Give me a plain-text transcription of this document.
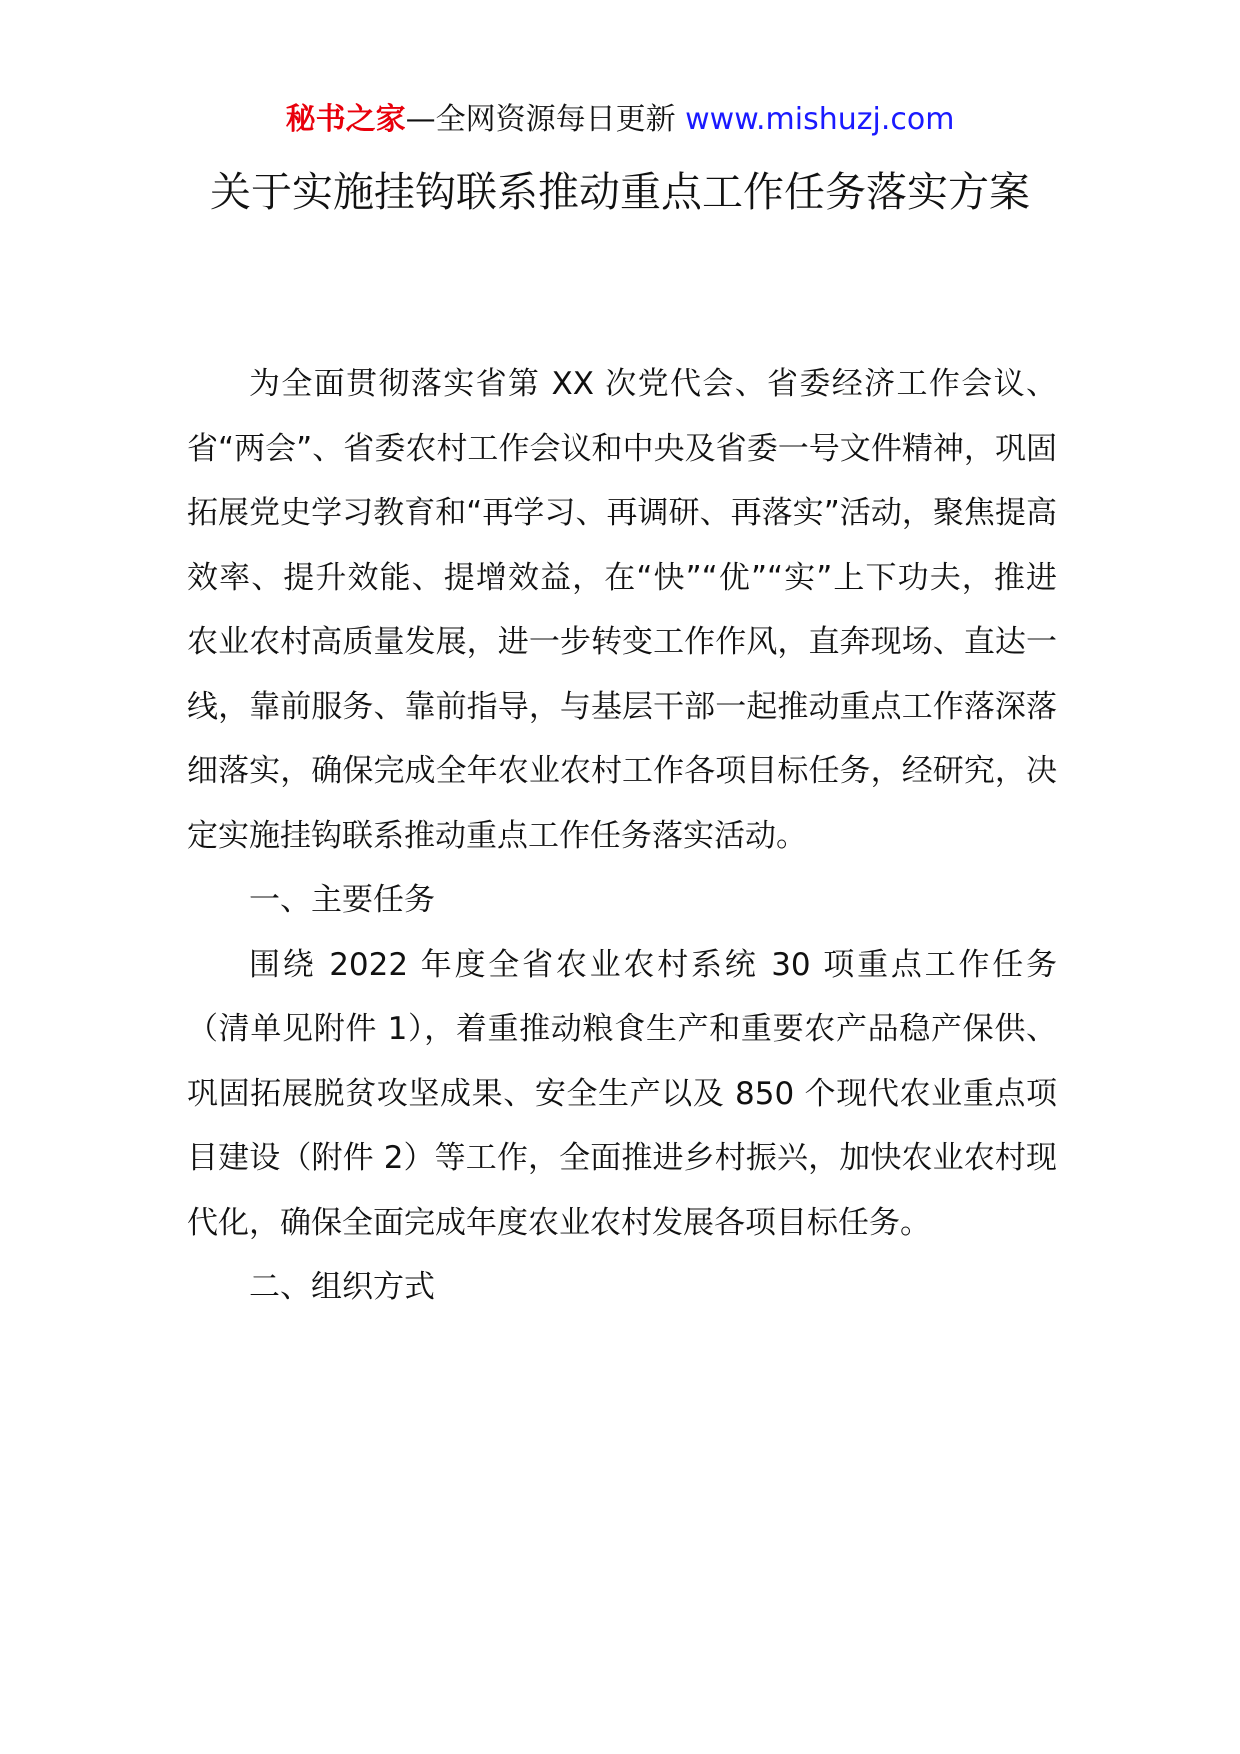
秘书之家—全网资源每日更新 www.mishuzj.com
关于实施挂钩联系推动重点工作任务落实方案

为全面贯彻落实省第 XX 次党代会、省委经济工作会议、省“两会”、省委农村工作会议和中央及省委一号文件精神，巩固拓展党史学习教育和“再学习、再调研、再落实”活动，聚焦提高效率、提升效能、提增效益，在“快”“优”“实”上下功夫，推进农业农村高质量发展，进一步转变工作作风，直奔现场、直达一线，靠前服务、靠前指导，与基层干部一起推动重点工作落深落细落实，确保完成全年农业农村工作各项目标任务，经研究，决定实施挂钩联系推动重点工作任务落实活动。

一、主要任务

围绕 2022 年度全省农业农村系统 30 项重点工作任务（清单见附件 1），着重推动粮食生产和重要农产品稳产保供、巩固拓展脱贫攻坚成果、安全生产以及 850 个现代农业重点项目建设（附件 2）等工作，全面推进乡村振兴，加快农业农村现代化，确保全面完成年度农业农村发展各项目标任务。

二、组织方式
